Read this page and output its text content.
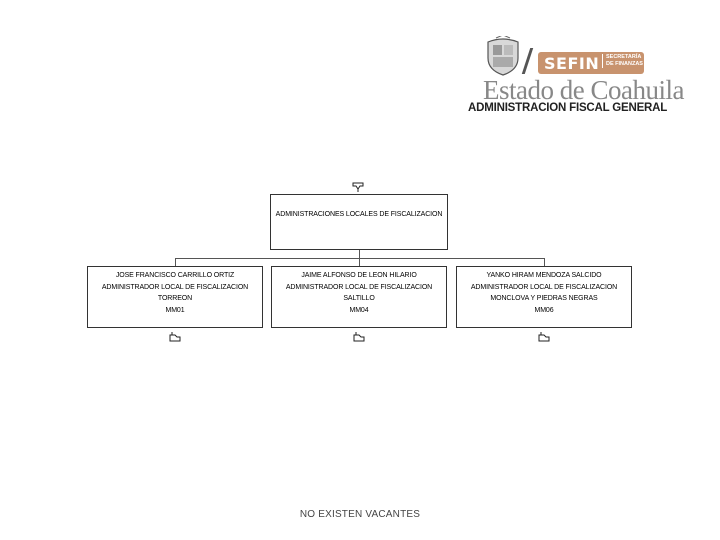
SEFIN	SECRETARÍA DE FINANZAS
Estado de Coahuila
ADMINISTRACION FISCAL GENERAL
ADMINISTRACIONES LOCALES DE FISCALIZACION
JOSE FRANCISCO CARRILLO ORTIZ
ADMINISTRADOR LOCAL DE FISCALIZACION
TORREON
MM01
JAIME ALFONSO DE LEON HILARIO
ADMINISTRADOR LOCAL DE FISCALIZACION
SALTILLO
MM04
YANKO HIRAM MENDOZA SALCIDO
ADMINISTRADOR LOCAL DE FISCALIZACION
MONCLOVA Y PIEDRAS NEGRAS
MM06
NO EXISTEN VACANTES
